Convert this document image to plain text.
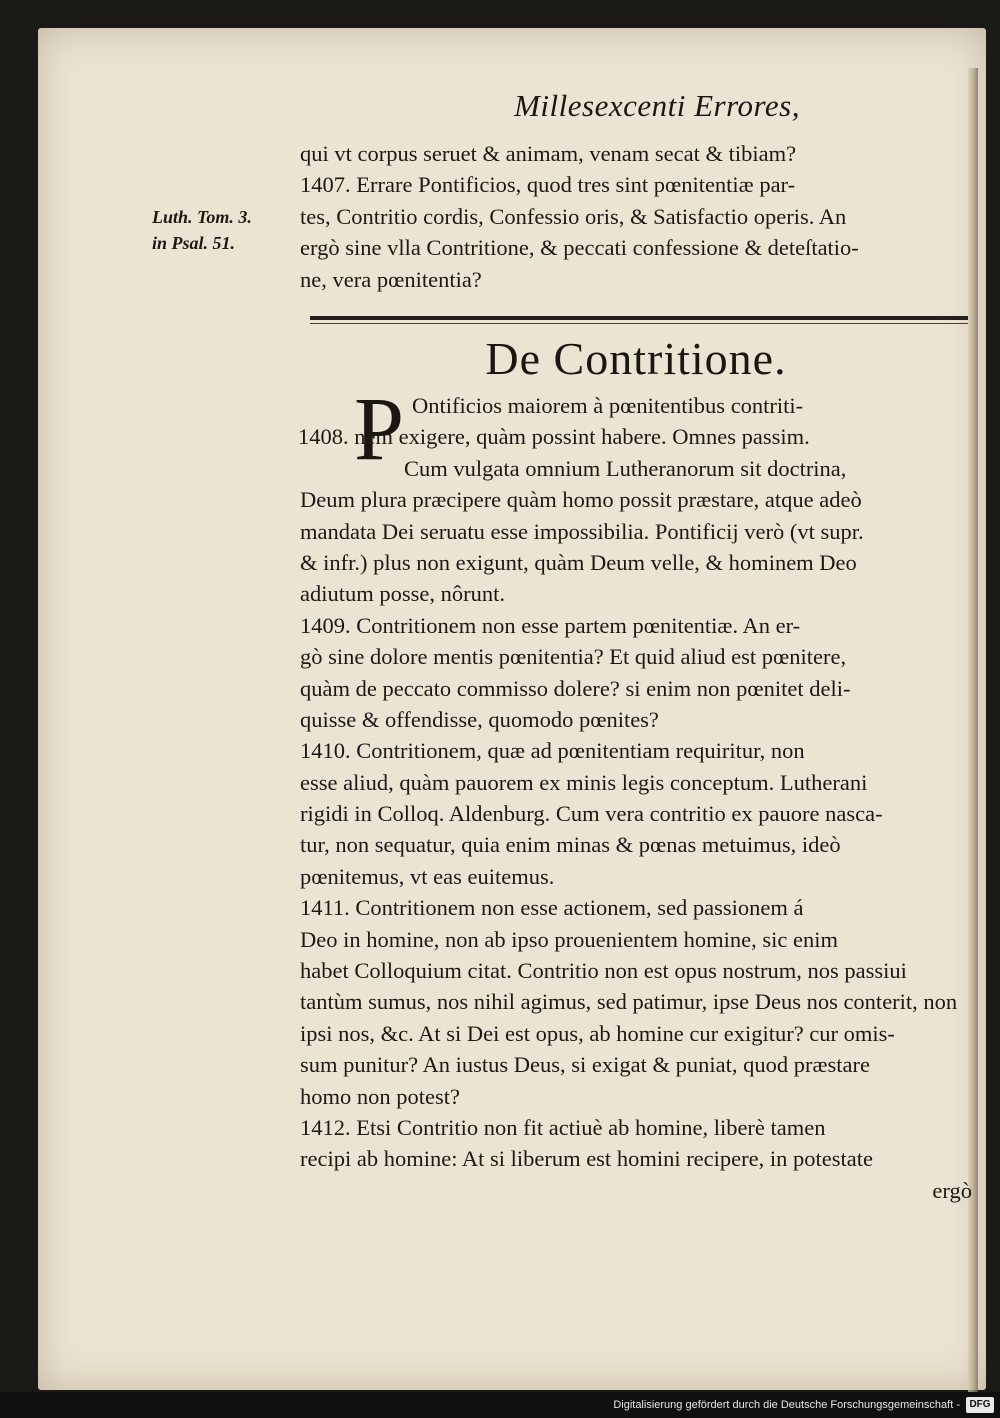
Millesexcenti Errores,
qui vt corpus seruet & animam, venam secat & tibiam?
1407. Errare Pontificios, quod tres sint pœnitentiæ par-
tes, Contritio cordis, Confessio oris, & Satisfactio operis. An
ergò sine vlla Contritione, & peccati confessione & deteſtatio-
ne, vera pœnitentia?
Luth. Tom. 3.
in Psal. 51.
De Contritione.
P Ontificios maiorem à pœnitentibus contriti-
1408. nem exigere, quàm possint habere. Omnes passim.
Cum vulgata omnium Lutheranorum sit doctrina,
Deum plura præcipere quàm homo possit præstare, atque adeò
mandata Dei seruatu esse impossibilia. Pontificij verò (vt supr.
& infr.) plus non exigunt, quàm Deum velle, & hominem Deo
adiutum posse, nôrunt.
1409. Contritionem non esse partem pœnitentiæ. An er-
gò sine dolore mentis pœnitentia? Et quid aliud est pœnitere,
quàm de peccato commisso dolere? si enim non pœnitet deli-
quisse & offendisse, quomodo pœnites?
1410. Contritionem, quæ ad pœnitentiam requiritur, non
esse aliud, quàm pauorem ex minis legis conceptum. Lutherani
rigidi in Colloq. Aldenburg. Cum vera contritio ex pauore nasca-
tur, non sequatur, quia enim minas & pœnas metuimus, ideò
pœnitemus, vt eas euitemus.
1411. Contritionem non esse actionem, sed passionem á
Deo in homine, non ab ipso prouenientem homine, sic enim
habet Colloquium citat. Contritio non est opus nostrum, nos passiui
tantùm sumus, nos nihil agimus, sed patimur, ipse Deus nos conterit, non
ipsi nos, &c. At si Dei est opus, ab homine cur exigitur? cur omis-
sum punitur? An iustus Deus, si exigat & puniat, quod præstare
homo non potest?
1412. Etsi Contritio non fit actiuè ab homine, liberè tamen
recipi ab homine: At si liberum est homini recipere, in potestate
ergò
Digitalisierung gefördert durch die Deutsche Forschungsgemeinschaft - DFG
